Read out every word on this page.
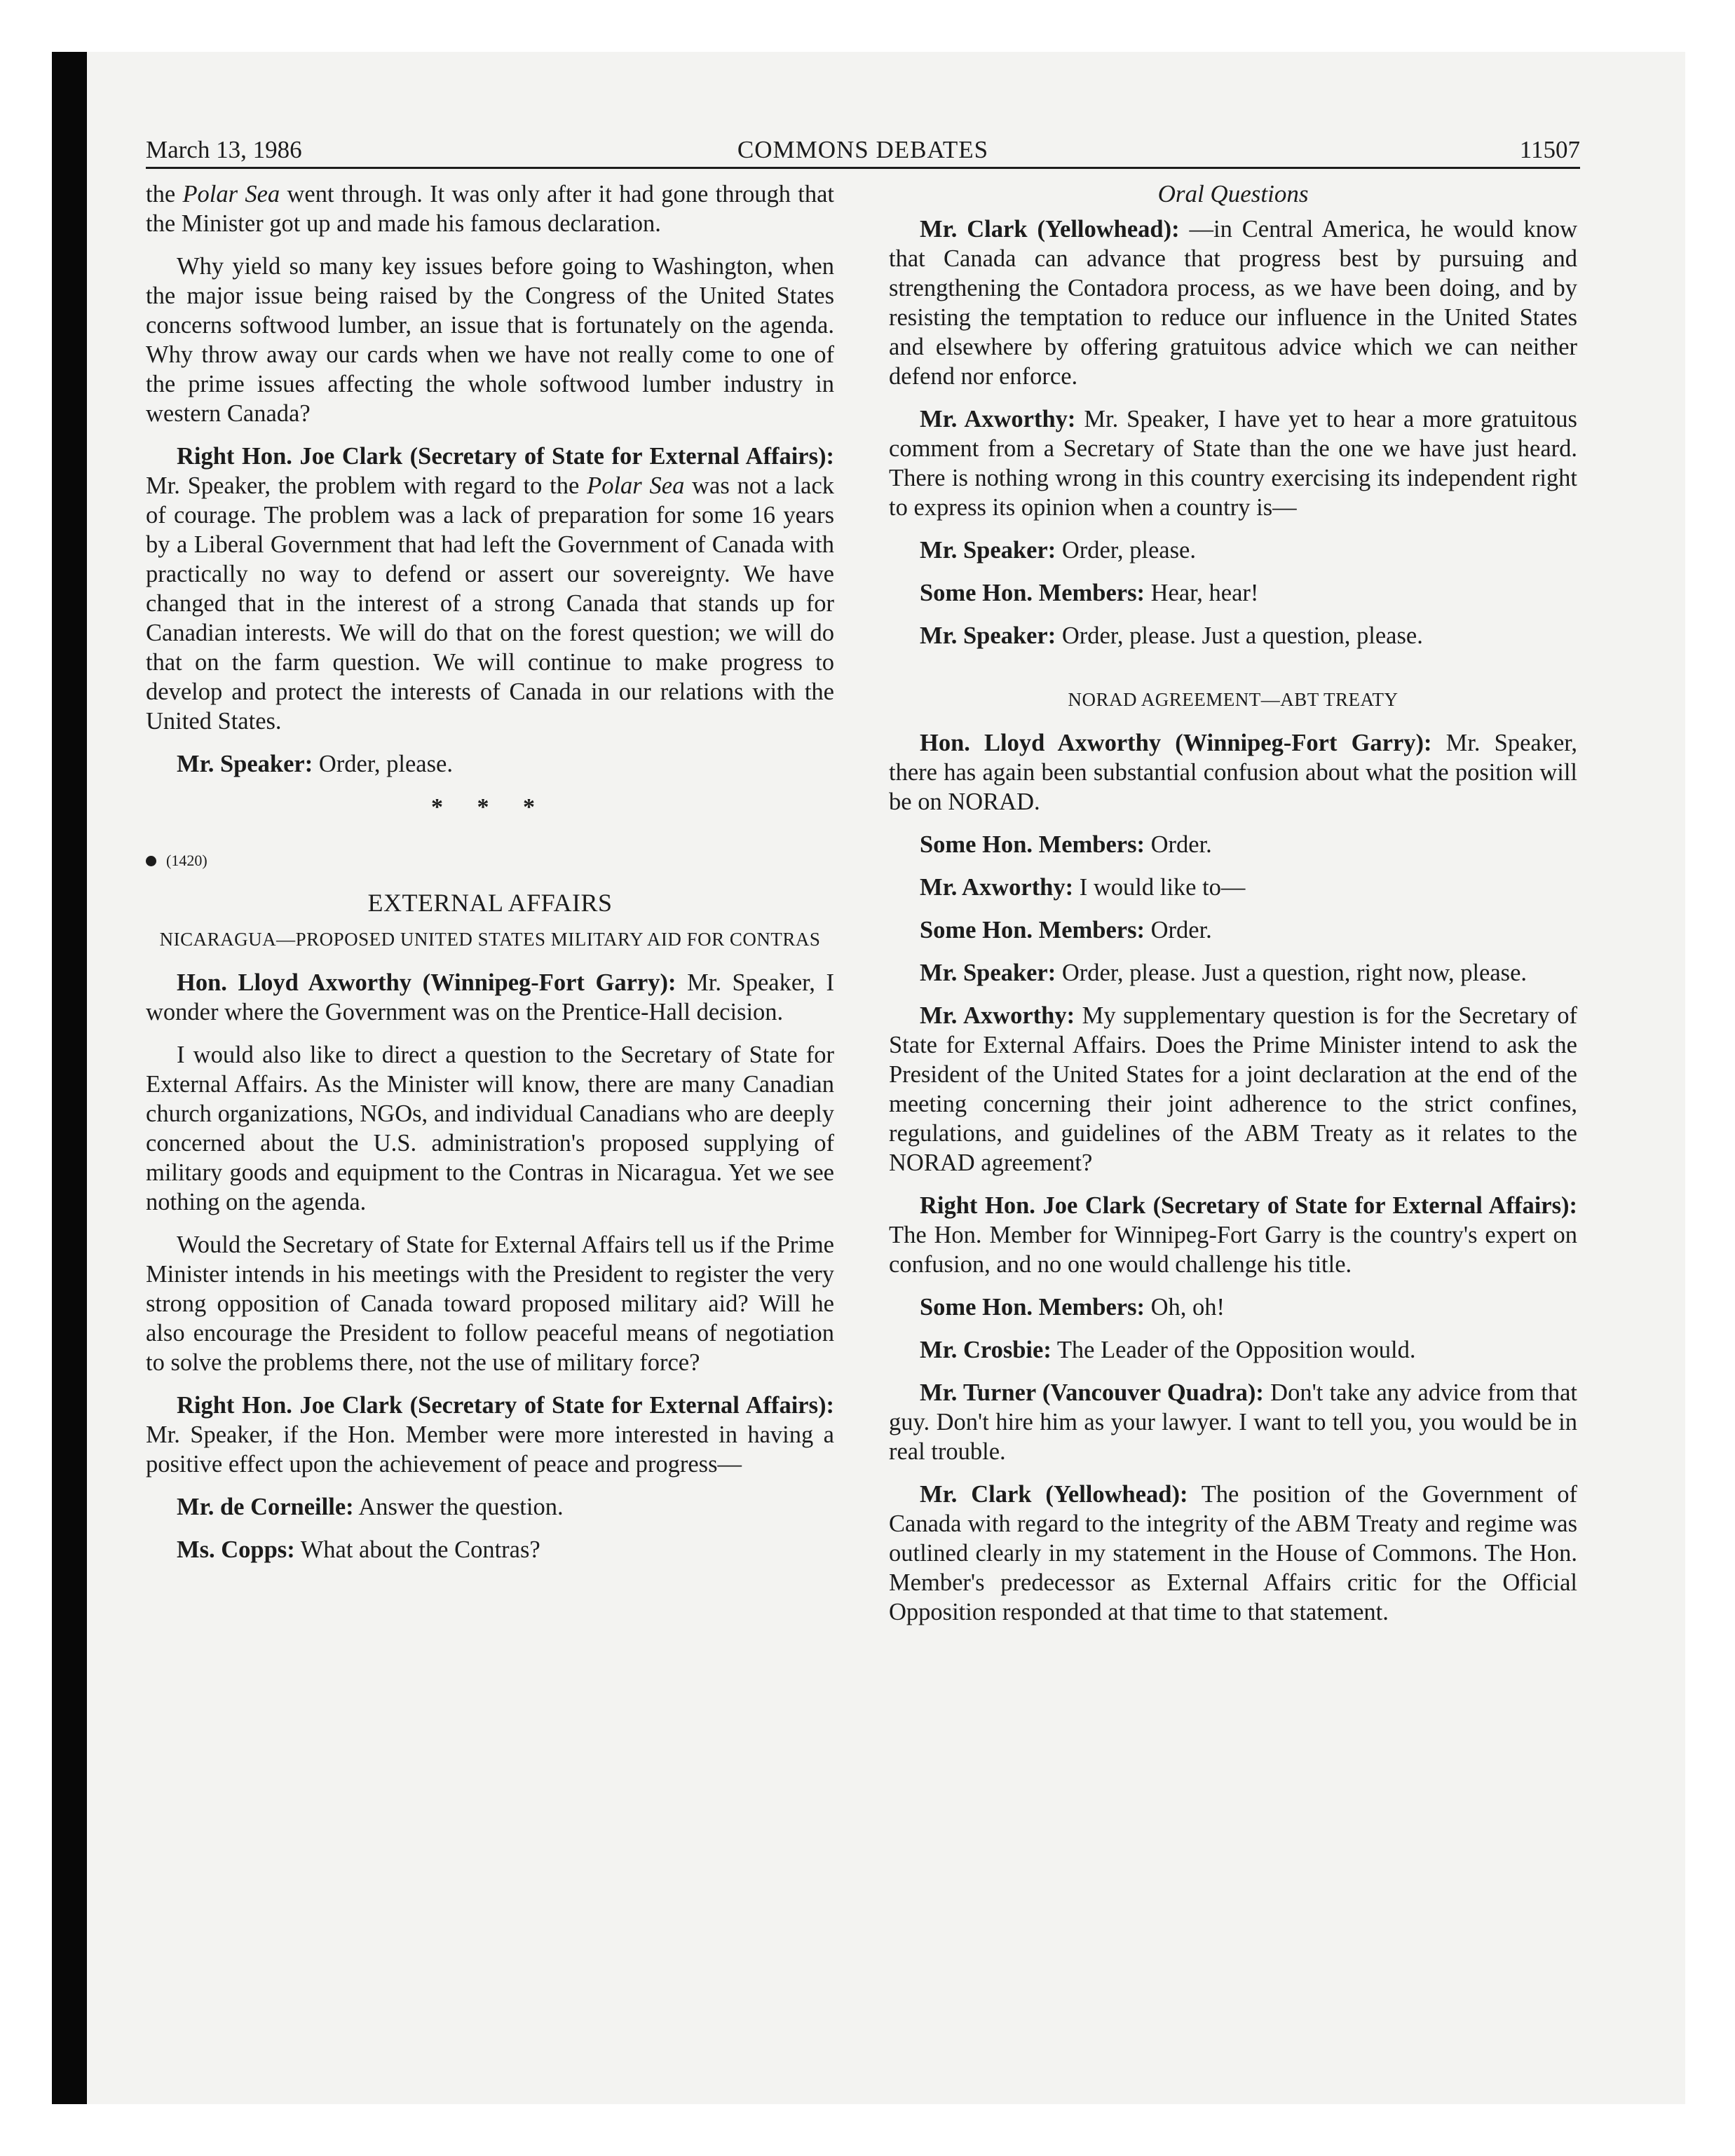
March 13, 1986	COMMONS DEBATES	11507

the Polar Sea went through. It was only after it had gone through that the Minister got up and made his famous declaration.

Why yield so many key issues before going to Washington, when the major issue being raised by the Congress of the United States concerns softwood lumber, an issue that is fortunately on the agenda. Why throw away our cards when we have not really come to one of the prime issues affecting the whole softwood lumber industry in western Canada?

Right Hon. Joe Clark (Secretary of State for External Affairs): Mr. Speaker, the problem with regard to the Polar Sea was not a lack of courage. The problem was a lack of preparation for some 16 years by a Liberal Government that had left the Government of Canada with practically no way to defend or assert our sovereignty. We have changed that in the interest of a strong Canada that stands up for Canadian interests. We will do that on the forest question; we will do that on the farm question. We will continue to make progress to develop and protect the interests of Canada in our relations with the United States.

Mr. Speaker: Order, please.

* * *
(1420)
EXTERNAL AFFAIRS
NICARAGUA—PROPOSED UNITED STATES MILITARY AID FOR CONTRAS

Hon. Lloyd Axworthy (Winnipeg-Fort Garry): Mr. Speaker, I wonder where the Government was on the Prentice-Hall decision.

I would also like to direct a question to the Secretary of State for External Affairs. As the Minister will know, there are many Canadian church organizations, NGOs, and individual Canadians who are deeply concerned about the U.S. administration's proposed supplying of military goods and equipment to the Contras in Nicaragua. Yet we see nothing on the agenda.

Would the Secretary of State for External Affairs tell us if the Prime Minister intends in his meetings with the President to register the very strong opposition of Canada toward proposed military aid? Will he also encourage the President to follow peaceful means of negotiation to solve the problems there, not the use of military force?

Right Hon. Joe Clark (Secretary of State for External Affairs): Mr. Speaker, if the Hon. Member were more interested in having a positive effect upon the achievement of peace and progress—

Mr. de Corneille: Answer the question.

Ms. Copps: What about the Contras?

Oral Questions

Mr. Clark (Yellowhead): —in Central America, he would know that Canada can advance that progress best by pursuing and strengthening the Contadora process, as we have been doing, and by resisting the temptation to reduce our influence in the United States and elsewhere by offering gratuitous advice which we can neither defend nor enforce.

Mr. Axworthy: Mr. Speaker, I have yet to hear a more gratuitous comment from a Secretary of State than the one we have just heard. There is nothing wrong in this country exercising its independent right to express its opinion when a country is—

Mr. Speaker: Order, please.

Some Hon. Members: Hear, hear!

Mr. Speaker: Order, please. Just a question, please.

NORAD AGREEMENT—ABT TREATY

Hon. Lloyd Axworthy (Winnipeg-Fort Garry): Mr. Speaker, there has again been substantial confusion about what the position will be on NORAD.

Some Hon. Members: Order.

Mr. Axworthy: I would like to—

Some Hon. Members: Order.

Mr. Speaker: Order, please. Just a question, right now, please.

Mr. Axworthy: My supplementary question is for the Secretary of State for External Affairs. Does the Prime Minister intend to ask the President of the United States for a joint declaration at the end of the meeting concerning their joint adherence to the strict confines, regulations, and guidelines of the ABM Treaty as it relates to the NORAD agreement?

Right Hon. Joe Clark (Secretary of State for External Affairs): The Hon. Member for Winnipeg-Fort Garry is the country's expert on confusion, and no one would challenge his title.

Some Hon. Members: Oh, oh!

Mr. Crosbie: The Leader of the Opposition would.

Mr. Turner (Vancouver Quadra): Don't take any advice from that guy. Don't hire him as your lawyer. I want to tell you, you would be in real trouble.

Mr. Clark (Yellowhead): The position of the Government of Canada with regard to the integrity of the ABM Treaty and regime was outlined clearly in my statement in the House of Commons. The Hon. Member's predecessor as External Affairs critic for the Official Opposition responded at that time to that statement.
